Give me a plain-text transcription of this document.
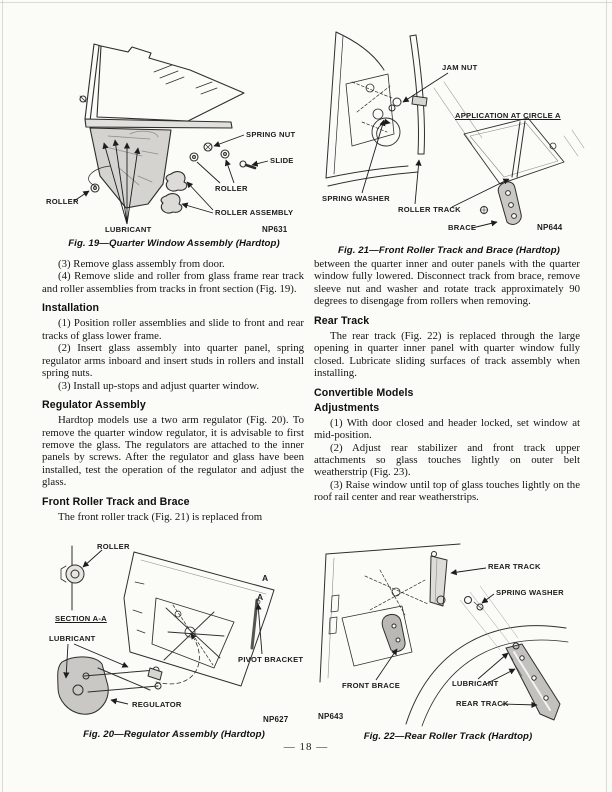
SPRING NUT
SLIDE
ROLLER
ROLLER ASSEMBLY
ROLLER
LUBRICANT	NP631
Fig. 19—Quarter Window Assembly (Hardtop)
JAM NUT
APPLICATION AT CIRCLE A
SPRING WASHER
ROLLER TRACK
BRACE	NP644
Fig. 21—Front Roller Track and Brace (Hardtop)

(3) Remove glass assembly from door.

(4) Remove slide and roller from glass frame rear track and roller assemblies from tracks in front section (Fig. 19).

Installation

(1) Position roller assemblies and slide to front and rear tracks of glass lower frame.

(2) Insert glass assembly into quarter panel, spring regulator arms inboard and insert studs in rollers and install spring nuts.

(3) Install up-stops and adjust quarter window.

Regulator Assembly

Hardtop models use a two arm regulator (Fig. 20). To remove the quarter window regulator, it is advisable to first remove the glass. The regulators are attached to the inner panels by screws. After the regulator and glass have been installed, test the operation of the regulator and adjust the glass.

Front Roller Track and Brace

The front roller track (Fig. 21) is replaced from

between the quarter inner and outer panels with the quarter window fully lowered. Disconnect track from brace, remove sleeve nut and washer and rotate track approximately 90 degrees to disengage from rollers when removing.

Rear Track

The rear track (Fig. 22) is replaced through the large opening in quarter inner panel with quarter window fully closed. Lubricate sliding surfaces of track assembly when installing.

Convertible Models
Adjustments

(1) With door closed and header locked, set window at mid-position.

(2) Adjust rear stabilizer and front track upper attachments so glass touches lightly on outer belt weatherstrip (Fig. 23).

(3) Raise window until top of glass touches lightly on the roof rail center and rear weatherstrips.

ROLLER
SECTION A-A
LUBRICANT
PIVOT BRACKET
REGULATOR
A
A
NP627
Fig. 20—Regulator Assembly (Hardtop)
REAR TRACK
SPRING WASHER
FRONT BRACE	LUBRICANT
REAR TRACK
NP643
Fig. 22—Rear Roller Track (Hardtop)
— 18 —
